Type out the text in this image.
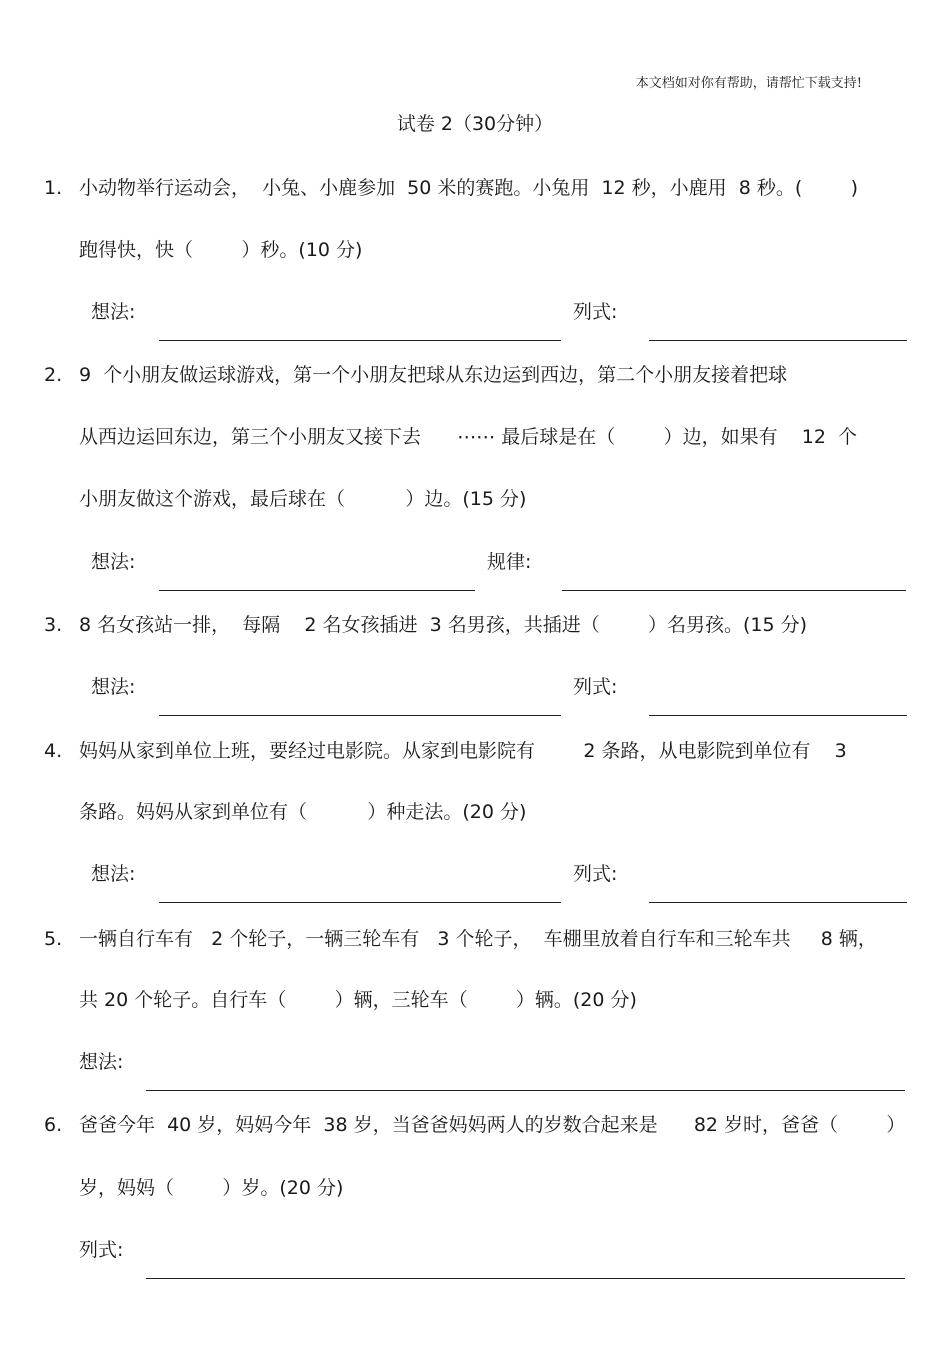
本文档如对你有帮助，请帮忙下载支持!
试卷 2（30分钟）
1. 小动物举行运动会，  小兔、小鹿参加  50 米的赛跑。小兔用  12 秒，小鹿用  8 秒。(        )
跑得快，快（        ）秒。(10 分)
想法:	列式:
2. 9  个小朋友做运球游戏，第一个小朋友把球从东边运到西边，第二个小朋友接着把球
从西边运回东边，第三个小朋友又接下去      ⋯⋯ 最后球是在（        ）边，如果有    12  个
小朋友做这个游戏，最后球在（          ）边。(15 分)
想法:	规律:
3. 8 名女孩站一排，  每隔    2 名女孩插进  3 名男孩，共插进（        ）名男孩。(15 分)
想法:	列式:
4. 妈妈从家到单位上班，要经过电影院。从家到电影院有        2 条路，从电影院到单位有    3
条路。妈妈从家到单位有（          ）种走法。(20 分)
想法:	列式:
5. 一辆自行车有   2 个轮子，一辆三轮车有   3 个轮子，  车棚里放着自行车和三轮车共     8 辆，
共 20 个轮子。自行车（        ）辆，三轮车（        ）辆。(20 分)
想法:
6. 爸爸今年  40 岁，妈妈今年  38 岁，当爸爸妈妈两人的岁数合起来是      82 岁时，爸爸（        ）
岁，妈妈（        ）岁。(20 分)
列式:
